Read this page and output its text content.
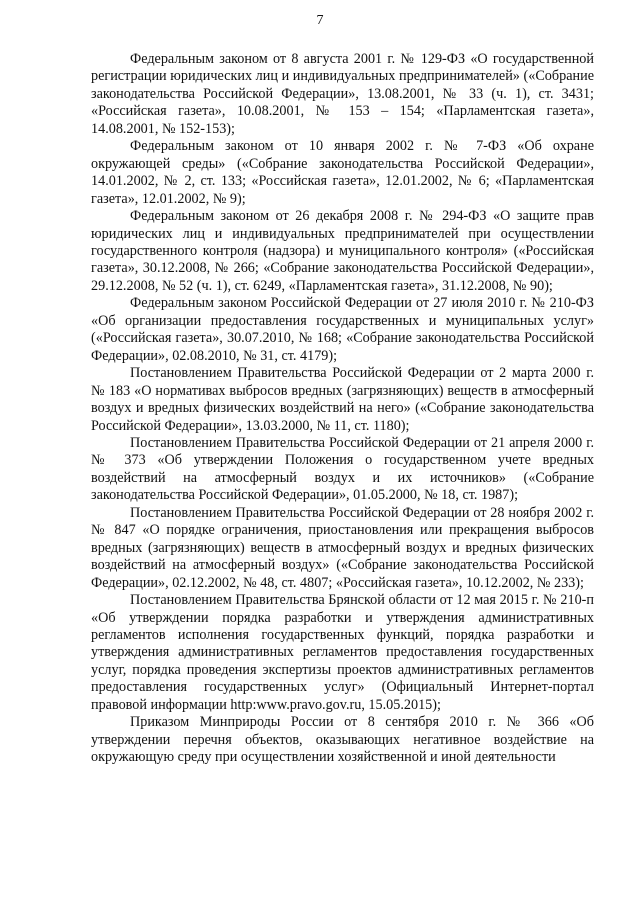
7

Федеральным законом от 8 августа 2001 г. № 129-ФЗ «О государственной регистрации юридических лиц и индивидуальных предпринимателей» («Собрание законодательства Российской Федерации», 13.08.2001, № 33 (ч. 1), ст. 3431; «Российская газета», 10.08.2001, № 153 – 154; «Парламентская газета», 14.08.2001, № 152-153);

Федеральным законом от 10 января 2002 г. № 7-ФЗ «Об охране окружающей среды» («Собрание законодательства Российской Федерации», 14.01.2002, № 2, ст. 133; «Российская газета», 12.01.2002, № 6; «Парламентская газета», 12.01.2002, № 9);

Федеральным законом от 26 декабря 2008 г. № 294-ФЗ «О защите прав юридических лиц и индивидуальных предпринимателей при осуществлении государственного контроля (надзора) и муниципального контроля» («Российская газета», 30.12.2008, № 266; «Собрание законодательства Российской Федерации», 29.12.2008, № 52 (ч. 1), ст. 6249, «Парламентская газета», 31.12.2008, № 90);

Федеральным законом Российской Федерации от 27 июля 2010 г. № 210-ФЗ «Об организации предоставления государственных и муниципальных услуг» («Российская газета», 30.07.2010, № 168; «Собрание законодательства Российской Федерации», 02.08.2010, № 31, ст. 4179);

Постановлением Правительства Российской Федерации от 2 марта 2000 г. № 183 «О нормативах выбросов вредных (загрязняющих) веществ в атмосферный воздух и вредных физических воздействий на него» («Собрание законодательства Российской Федерации», 13.03.2000, № 11, ст. 1180);

Постановлением Правительства Российской Федерации от 21 апреля 2000 г. № 373 «Об утверждении Положения о государственном учете вредных воздействий на атмосферный воздух и их источников» («Собрание законодательства Российской Федерации», 01.05.2000, № 18, ст. 1987);

Постановлением Правительства Российской Федерации от 28 ноября 2002 г. № 847 «О порядке ограничения, приостановления или прекращения выбросов вредных (загрязняющих) веществ в атмосферный воздух и вредных физических воздействий на атмосферный воздух» («Собрание законодательства Российской Федерации», 02.12.2002, № 48, ст. 4807; «Российская газета», 10.12.2002, № 233);

Постановлением Правительства Брянской области от 12 мая 2015 г. № 210-п «Об утверждении порядка разработки и утверждения административных регламентов исполнения государственных функций, порядка разработки и утверждения административных регламентов предоставления государственных услуг, порядка проведения экспертизы проектов административных регламентов предоставления государственных услуг» (Официальный Интернет-портал правовой информации http:www.pravo.gov.ru, 15.05.2015);

Приказом Минприроды России от 8 сентября 2010 г. № 366 «Об утверждении перечня объектов, оказывающих негативное воздействие на окружающую среду при осуществлении хозяйственной и иной деятельности
